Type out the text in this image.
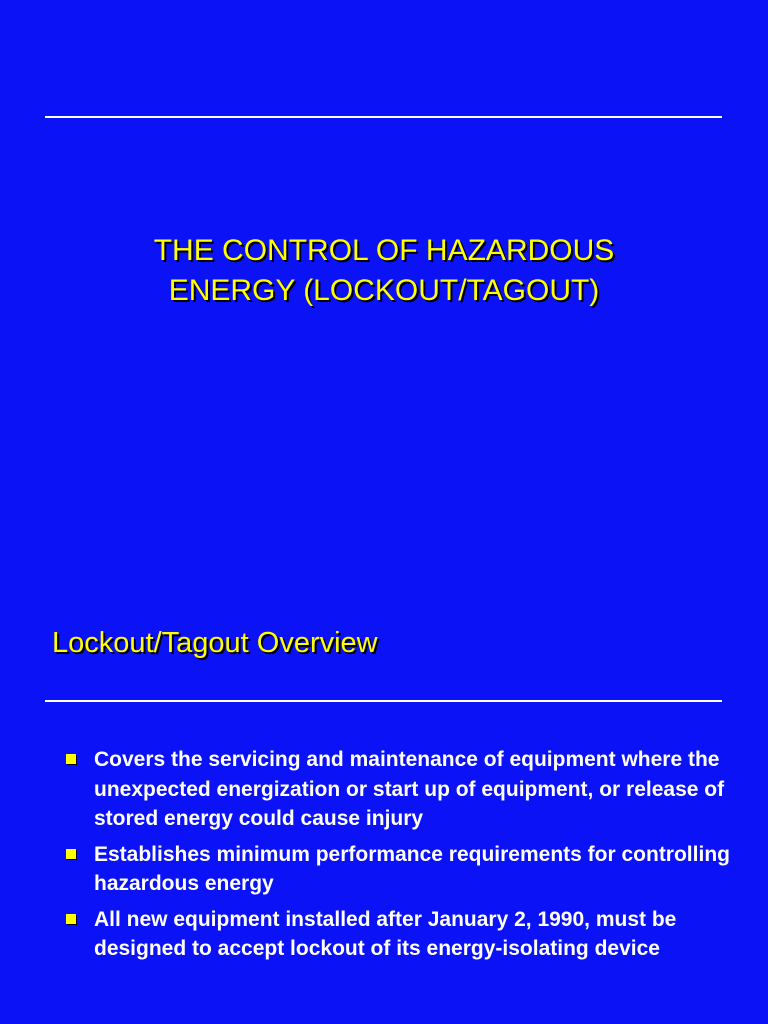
THE CONTROL OF HAZARDOUS
ENERGY (LOCKOUT/TAGOUT)
Lockout/Tagout Overview
Covers the servicing and maintenance of equipment where the unexpected energization or start up of equipment, or release of stored energy could cause injury
Establishes minimum performance requirements for controlling hazardous energy
All new equipment installed after January 2, 1990, must be designed to accept lockout of its energy-isolating device
